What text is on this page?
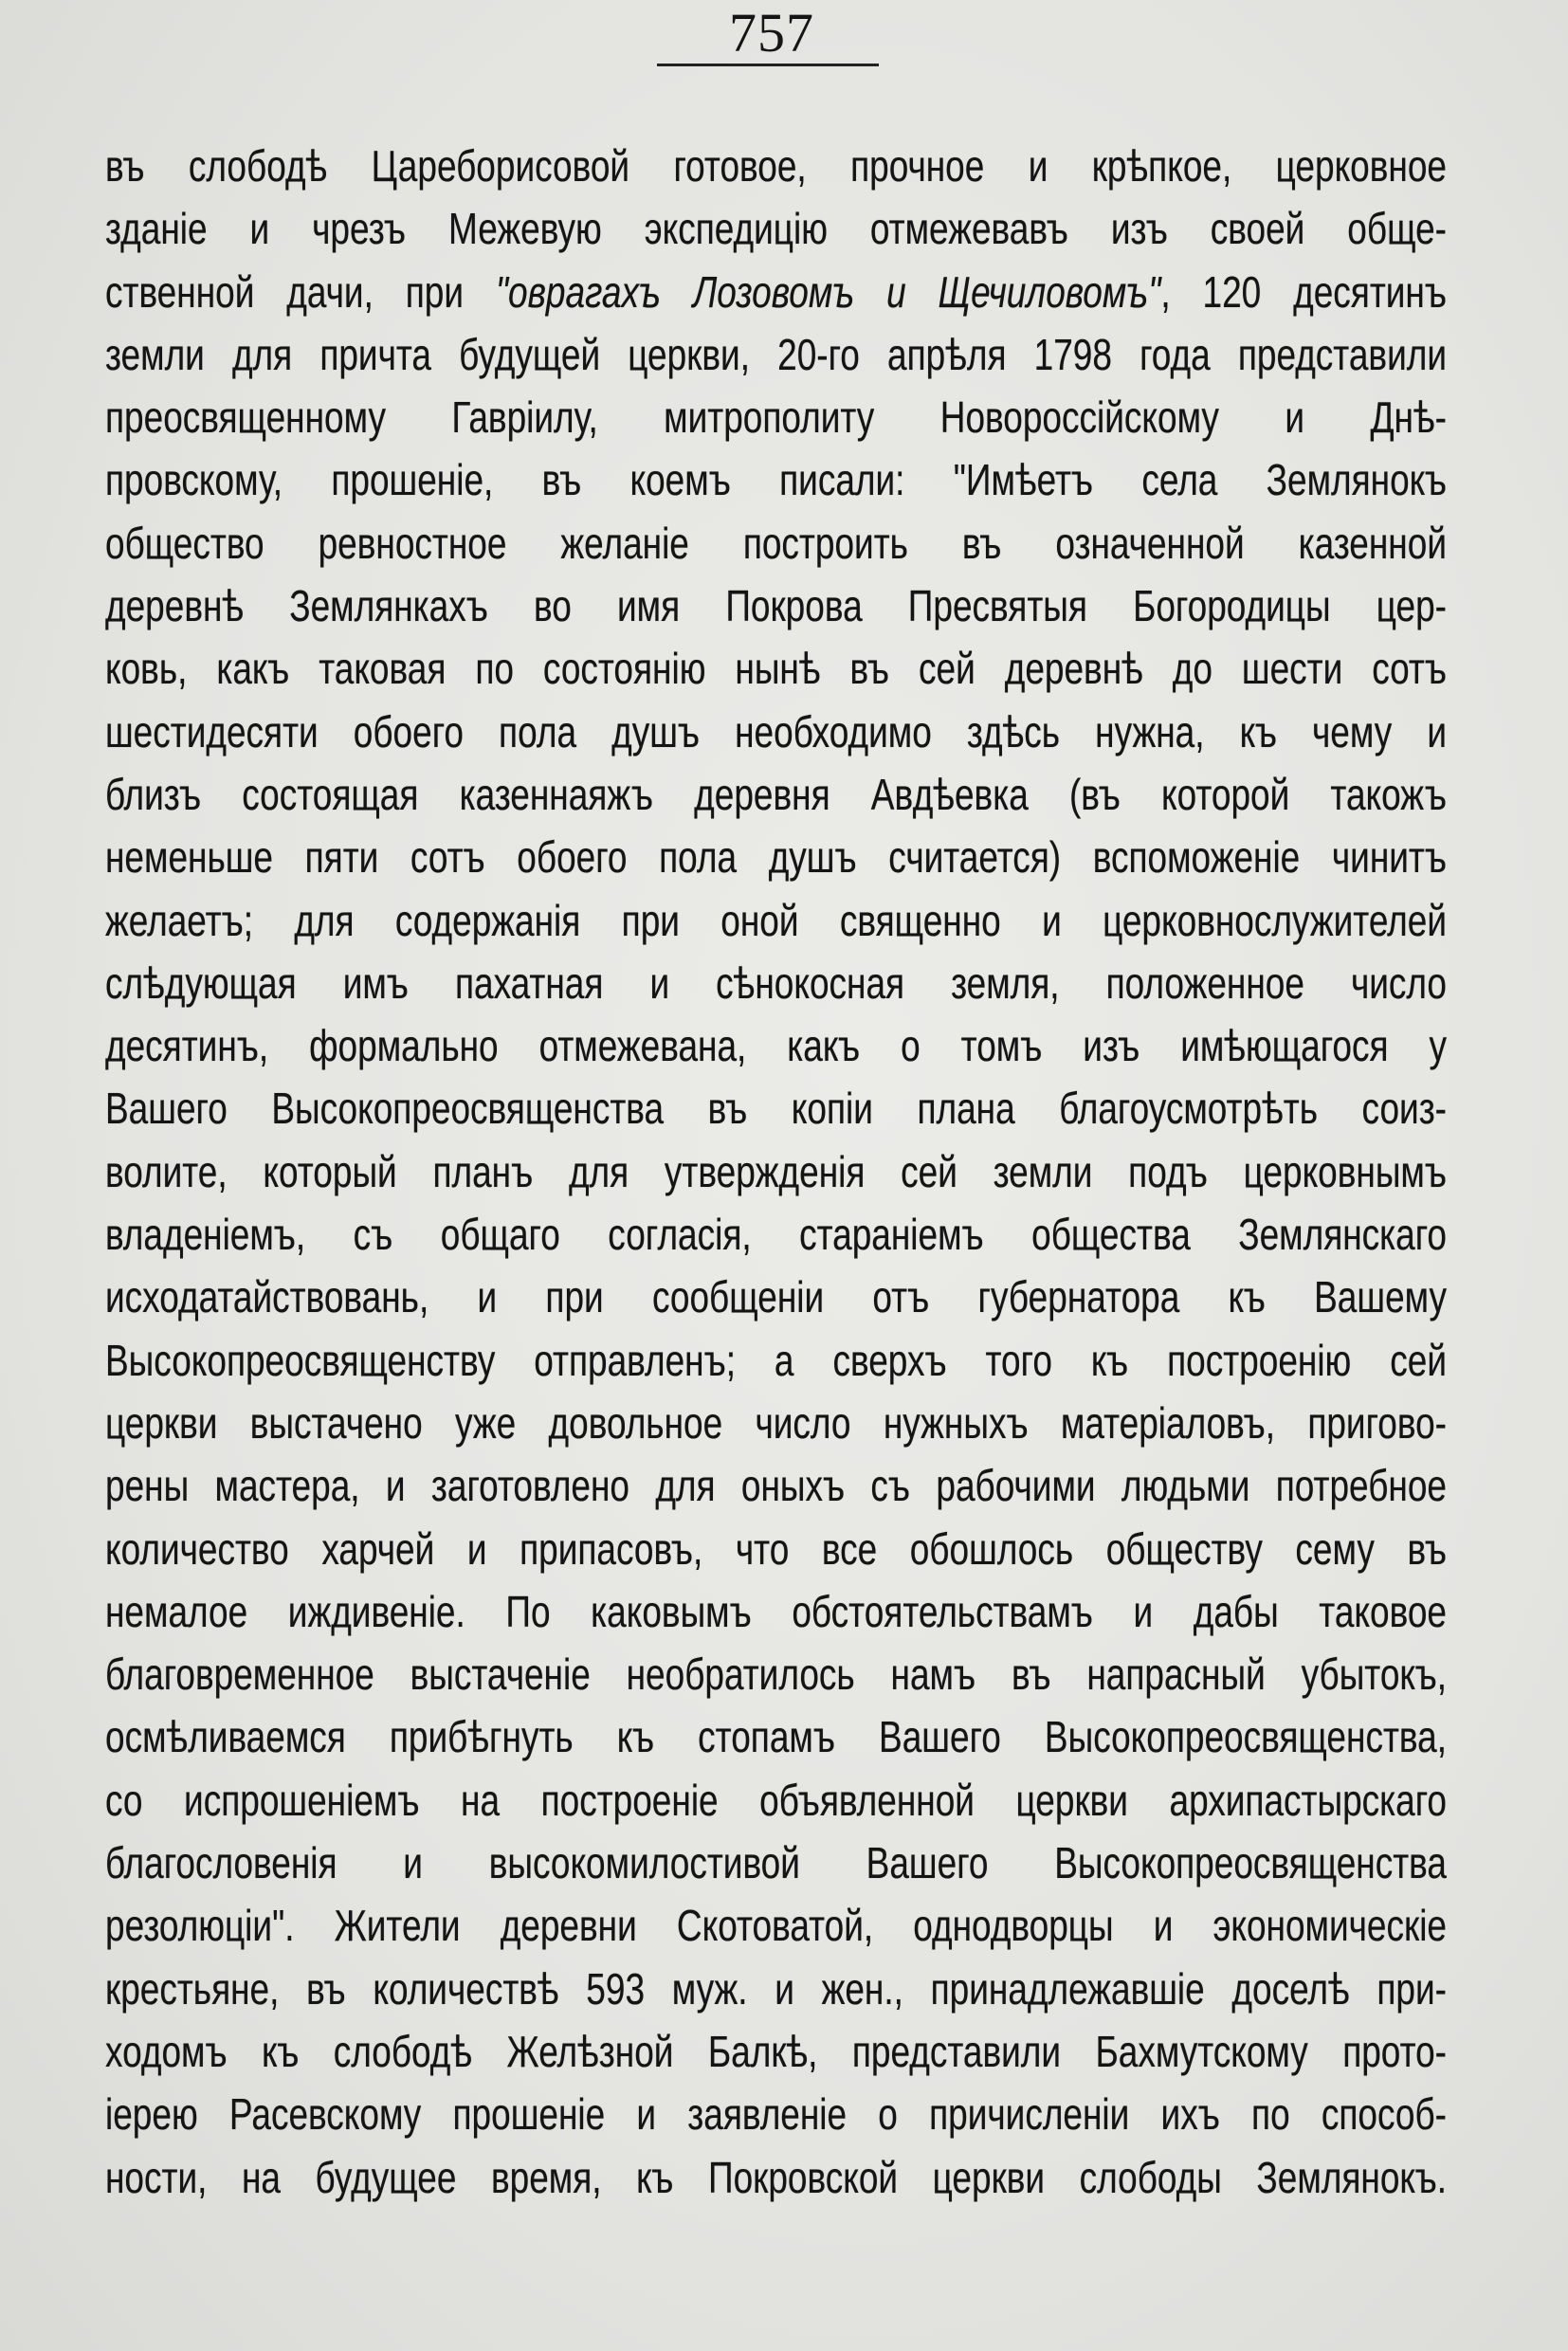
757
въ слободѣ Цареборисовой готовое, прочное и крѣпкое, церковное
зданіе и чрезъ Межевую экспедицію отмежевавъ изъ своей обще-
ственной дачи, при "оврагахъ Лозовомъ и Щечиловомъ", 120 десятинъ
земли для причта будущей церкви, 20-го апрѣля 1798 года представили
преосвященному Гавріилу, митрополиту Новороссійскому и Днѣ-
провскому, прошеніе, въ коемъ писали: "Имѣетъ села Землянокъ
общество ревностное желаніе построить въ означенной казенной
деревнѣ Землянкахъ во имя Покрова Пресвятыя Богородицы цер-
ковь, какъ таковая по состоянію нынѣ въ сей деревнѣ до шести сотъ
шестидесяти обоего пола душъ необходимо здѣсь нужна, къ чему и
близъ состоящая казеннаяжъ деревня Авдѣевка (въ которой такожъ
неменьше пяти сотъ обоего пола душъ считается) вспоможеніе чинитъ
желаетъ; для содержанія при оной священно и церковнослужителей
слѣдующая имъ пахатная и сѣнокосная земля, положенное число
десятинъ, формально отмежевана, какъ о томъ изъ имѣющагося у
Вашего Высокопреосвященства въ копіи плана благоусмотрѣть соиз-
волите, который планъ для утвержденія сей земли подъ церковнымъ
владеніемъ, съ общаго согласія, стараніемъ общества Землянскаго
исходатайствовань, и при сообщеніи отъ губернатора къ Вашему
Высокопреосвященству отправленъ; а сверхъ того къ построенію сей
церкви выстачено уже довольное число нужныхъ матеріаловъ, пригово-
рены мастера, и заготовлено для оныхъ съ рабочими людьми потребное
количество харчей и припасовъ, что все обошлось обществу сему въ
немалое иждивеніе. По каковымъ обстоятельствамъ и дабы таковое
благовременное выстаченіе необратилось намъ въ напрасный убытокъ,
осмѣливаемся прибѣгнуть къ стопамъ Вашего Высокопреосвященства,
со испрошеніемъ на построеніе объявленной церкви архипастырскаго
благословенія и высокомилостивой Вашего Высокопреосвященства
резолюціи". Жители деревни Скотоватой, однодворцы и экономическіе
крестьяне, въ количествѣ 593 муж. и жен., принадлежавшіе доселѣ при-
ходомъ къ слободѣ Желѣзной Балкѣ, представили Бахмутскому прото-
іерею Расевскому прошеніе и заявленіе о причисленіи ихъ по способ-
ности, на будущее время, къ Покровской церкви слободы Землянокъ.
